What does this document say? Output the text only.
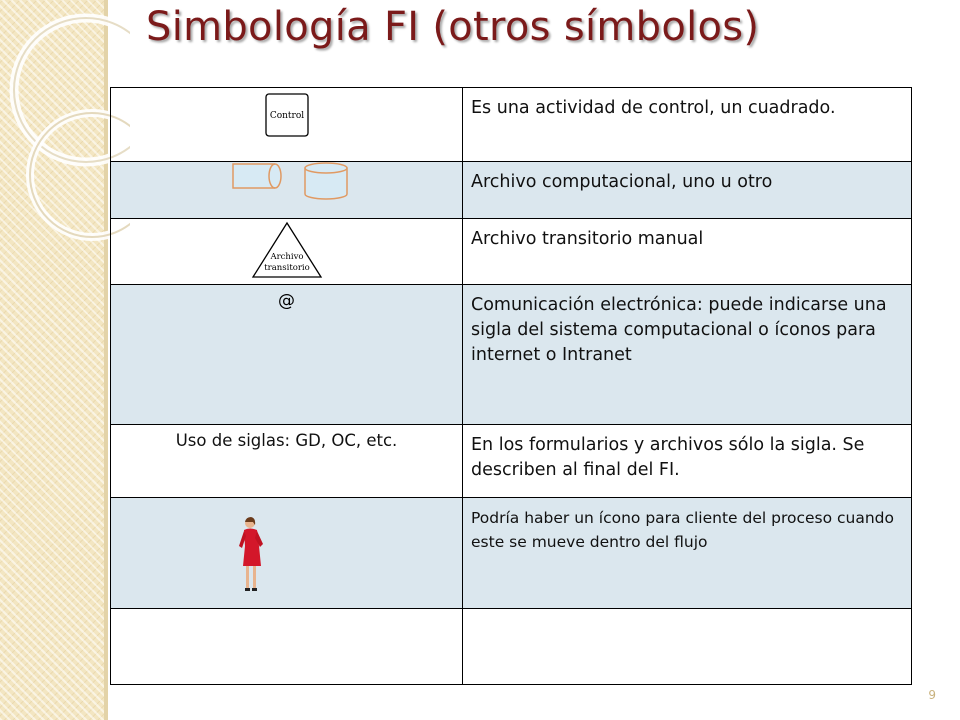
Simbología FI (otros símbolos)
Control	Es una actividad de control, un cuadrado.

	Archivo computacional, uno u otro

Archivo
transitorio	Archivo transitorio manual

@	Comunicación electrónica: puede indicarse una sigla del sistema computacional o íconos para internet o Intranet

Uso de siglas: GD, OC, etc.	En los formularios y archivos sólo la sigla. Se describen al final del FI.

	Podría haber un ícono para cliente del proceso cuando este se mueve dentro del flujo

9
